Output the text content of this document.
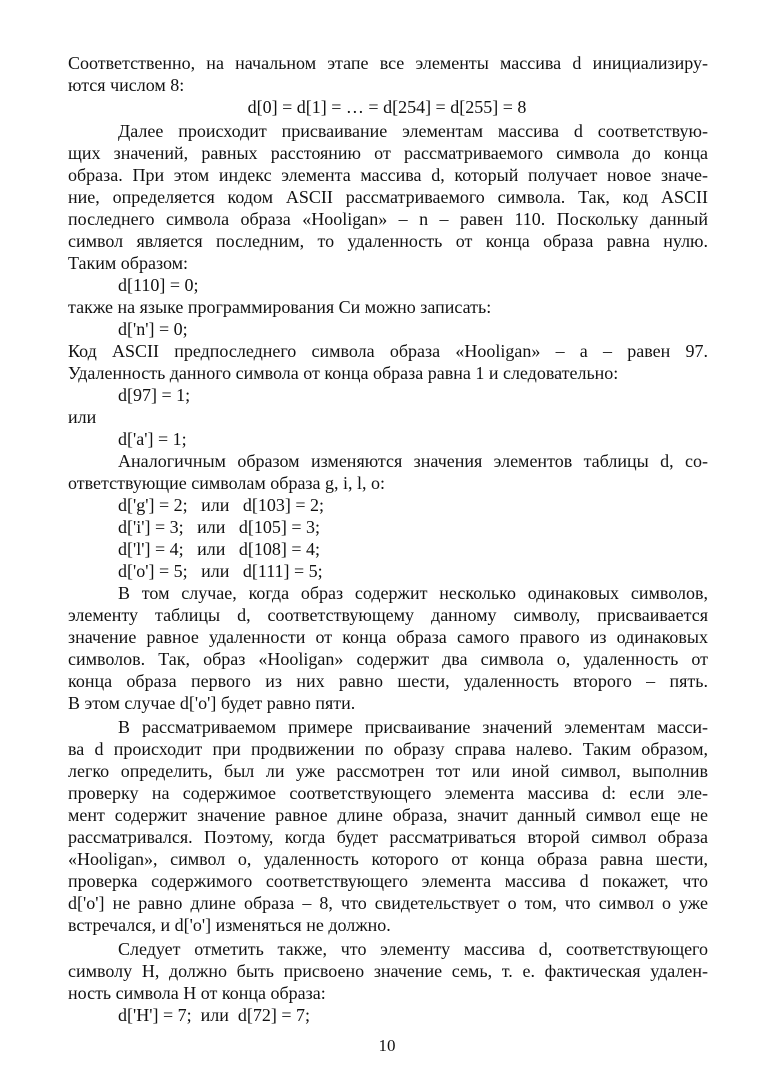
Соответственно, на начальном этапе все элементы массива d инициализиру-
ются числом 8:
d[0] = d[1] = … = d[254] = d[255] = 8
Далее происходит присваивание элементам массива d соответствую-
щих значений, равных расстоянию от рассматриваемого символа до конца
образа. При этом индекс элемента массива d, который получает новое значе-
ние, определяется кодом ASCII рассматриваемого символа. Так, код ASCII
последнего символа образа «Hooligan» – n – равен 110. Поскольку данный
символ является последним, то удаленность от конца образа равна нулю.
Таким образом:
d[110] = 0;
также на языке программирования Си можно записать:
d['n'] = 0;
Код ASCII предпоследнего символа образа «Hooligan» – a – равен 97.
Удаленность данного символа от конца образа равна 1 и следовательно:
d[97] = 1;
или
d['a'] = 1;
Аналогичным образом изменяются значения элементов таблицы d, со-
ответствующие символам образа g, i, l, o:
d['g'] = 2;   или   d[103] = 2;
d['i'] = 3;   или   d[105] = 3;
d['l'] = 4;   или   d[108] = 4;
d['o'] = 5;   или   d[111] = 5;
В том случае, когда образ содержит несколько одинаковых символов,
элементу таблицы d, соответствующему данному символу, присваивается
значение равное удаленности от конца образа самого правого из одинаковых
символов. Так, образ «Hooligan» содержит два символа o, удаленность от
конца образа первого из них равно шести, удаленность второго – пять.
В этом случае d['o'] будет равно пяти.
В рассматриваемом примере присваивание значений элементам масси-
ва d происходит при продвижении по образу справа налево. Таким образом,
легко определить, был ли уже рассмотрен тот или иной символ, выполнив
проверку на содержимое соответствующего элемента массива d: если эле-
мент содержит значение равное длине образа, значит данный символ еще не
рассматривался. Поэтому, когда будет рассматриваться второй символ образа
«Hooligan», символ o, удаленность которого от конца образа равна шести,
проверка содержимого соответствующего элемента массива d покажет, что
d['o'] не равно длине образа – 8, что свидетельствует о том, что символ o уже
встречался, и d['o'] изменяться не должно.
Следует отметить также, что элементу массива d, соответствующего
символу H, должно быть присвоено значение семь, т. е. фактическая удален-
ность символа H от конца образа:
d['H'] = 7;  или  d[72] = 7;
10
